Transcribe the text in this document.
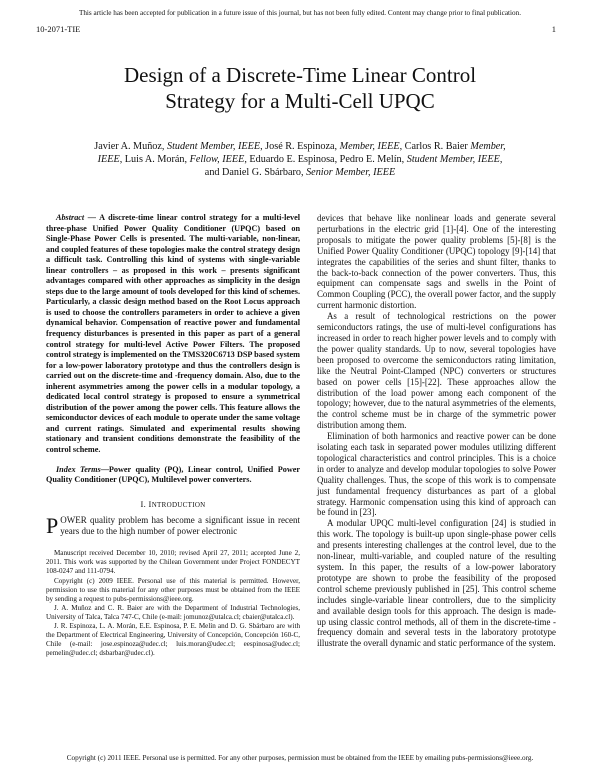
This article has been accepted for publication in a future issue of this journal, but has not been fully edited. Content may change prior to final publication.
10-2071-TIE	1
Design of a Discrete-Time Linear Control
Strategy for a Multi-Cell UPQC
Javier A. Muñoz, Student Member, IEEE, José R. Espinoza, Member, IEEE, Carlos R. Baier Member,
IEEE, Luis A. Morán, Fellow, IEEE, Eduardo E. Espinosa, Pedro E. Melín, Student Member, IEEE,
and Daniel G. Sbárbaro, Senior Member, IEEE

Abstract — A discrete-time linear control strategy for a multi-level three-phase Unified Power Quality Conditioner (UPQC) based on Single-Phase Power Cells is presented. The multi-variable, non-linear, and coupled features of these topologies make the control strategy design a difficult task. Controlling this kind of systems with single-variable linear controllers – as proposed in this work – presents significant advantages compared with other approaches as simplicity in the design steps due to the large amount of tools developed for this kind of schemes. Particularly, a classic design method based on the Root Locus approach is used to choose the controllers parameters in order to achieve a given dynamical behavior. Compensation of reactive power and fundamental frequency disturbances is presented in this paper as part of a general control strategy for multi-level Active Power Filters. The proposed control strategy is implemented on the TMS320C6713 DSP based system for a low-power laboratory prototype and thus the controllers design is carried out on the discrete-time and -frequency domain. Also, due to the inherent asymmetries among the power cells in a modular topology, a dedicated local control strategy is proposed to ensure a symmetrical distribution of the power among the power cells. This feature allows the semiconductor devices of each module to operate under the same voltage and current ratings. Simulated and experimental results showing stationary and transient conditions demonstrate the feasibility of the control scheme.

Index Terms—Power quality (PQ), Linear control, Unified Power Quality Conditioner (UPQC), Multilevel power converters.

I. INTRODUCTION

POWER quality problem has become a significant issue in recent years due to the high number of power electronic

Manuscript received December 10, 2010; revised April 27, 2011; accepted June 2, 2011. This work was supported by the Chilean Government under Project FONDECYT 108-0247 and 111-0794.

Copyright (c) 2009 IEEE. Personal use of this material is permitted. However, permission to use this material for any other purposes must be obtained from the IEEE by sending a request to pubs-permissions@ieee.org.

J. A. Muñoz and C. R. Baier are with the Department of Industrial Technologies, University of Talca, Talca 747-C, Chile (e-mail: jomunoz@utalca.cl; cbaier@utalca.cl).

J. R. Espinoza, L. A. Morán, E.E. Espinosa, P. E. Melín and D. G. Sbárbaro are with the Department of Electrical Engineering, University of Concepción, Concepción 160-C, Chile (e-mail: jose.espinoza@udec.cl; luis.moran@udec.cl; eespinosa@udec.cl; pemelin@udec.cl; dsbarbar@udec.cl).

devices that behave like nonlinear loads and generate several perturbations in the electric grid [1]-[4]. One of the interesting proposals to mitigate the power quality problems [5]-[8] is the Unified Power Quality Conditioner (UPQC) topology [9]-[14] that integrates the capabilities of the series and shunt filter, thanks to the back-to-back connection of the power converters. Thus, this equipment can compensate sags and swells in the Point of Common Coupling (PCC), the overall power factor, and the supply current harmonic distortion.

As a result of technological restrictions on the power semiconductors ratings, the use of multi-level configurations has increased in order to reach higher power levels and to comply with the power quality standards. Up to now, several topologies have been proposed to overcome the semiconductors rating limitation, like the Neutral Point-Clamped (NPC) converters or structures based on power cells [15]-[22]. These approaches allow the distribution of the load power among each component of the topology; however, due to the natural asymmetries of the elements, the control scheme must be in charge of the symmetric power distribution among them.

Elimination of both harmonics and reactive power can be done isolating each task in separated power modules utilizing different topological characteristics and control principles. This is a choice in order to analyze and develop modular topologies to solve Power Quality challenges. Thus, the scope of this work is to compensate just fundamental frequency disturbances as part of a global strategy. Harmonic compensation using this kind of approach can be found in [23].

A modular UPQC multi-level configuration [24] is studied in this work. The topology is built-up upon single-phase power cells and presents interesting challenges at the control level, due to the non-linear, multi-variable, and coupled nature of the resulting system. In this paper, the results of a low-power laboratory prototype are shown to probe the feasibility of the proposed control scheme previously published in [25]. This control scheme includes single-variable linear controllers, due to the simplicity and available design tools for this approach. The design is made-up using classic control methods, all of them in the discrete-time -frequency domain and several tests in the laboratory prototype illustrate the overall dynamic and static performance of the system.

Copyright (c) 2011 IEEE. Personal use is permitted. For any other purposes, permission must be obtained from the IEEE by emailing pubs-permissions@ieee.org.
